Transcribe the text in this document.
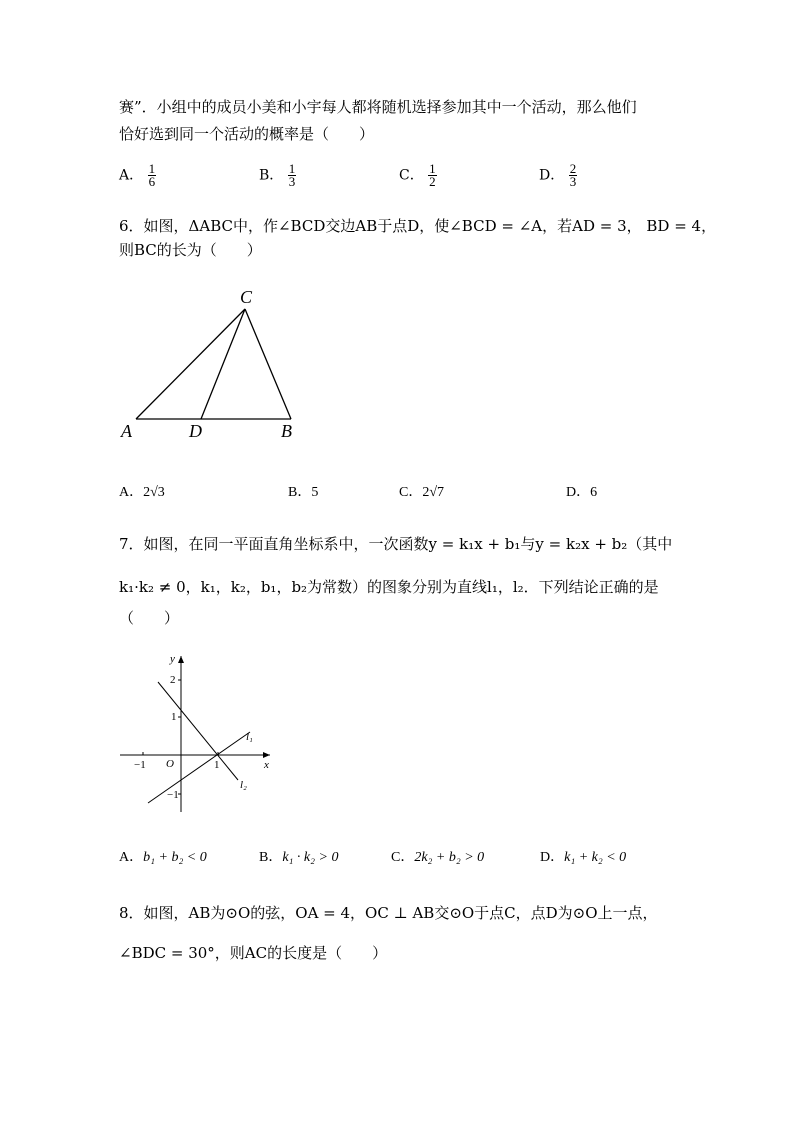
赛”．小组中的成员小美和小宇每人都将随机选择参加其中一个活动，那么他们
恰好选到同一个活动的概率是（　　）
A． $\frac{1}{6}$	B． $\frac{1}{3}$	C． $\frac{1}{2}$	D． $\frac{2}{3}$
6．如图，ΔABC中，作∠BCD交边AB于点D，使∠BCD = ∠A，若AD = 3， BD = 4，
则BC的长为（　　）
C
A	D	B
A．2√3	B．5	C．2√7	D．6
7．如图，在同一平面直角坐标系中，一次函数y = k₁x + b₁与y = k₂x + b₂（其中
k₁·k₂ ≠ 0，k₁，k₂，b₁，b₂为常数）的图象分别为直线l₁，l₂．下列结论正确的是
（　　）
y
x
2
1
O
−1	1
−1
l₁
l₂
A．b₁ + b₂ < 0	B．k₁ · k₂ > 0	C．2k₂ + b₂ > 0	D．k₁ + k₂ < 0
8．如图，AB为⊙O的弦，OA = 4，OC ⊥ AB交⊙O于点C，点D为⊙O上一点，
∠BDC = 30°，则AC的长度是（　　）
